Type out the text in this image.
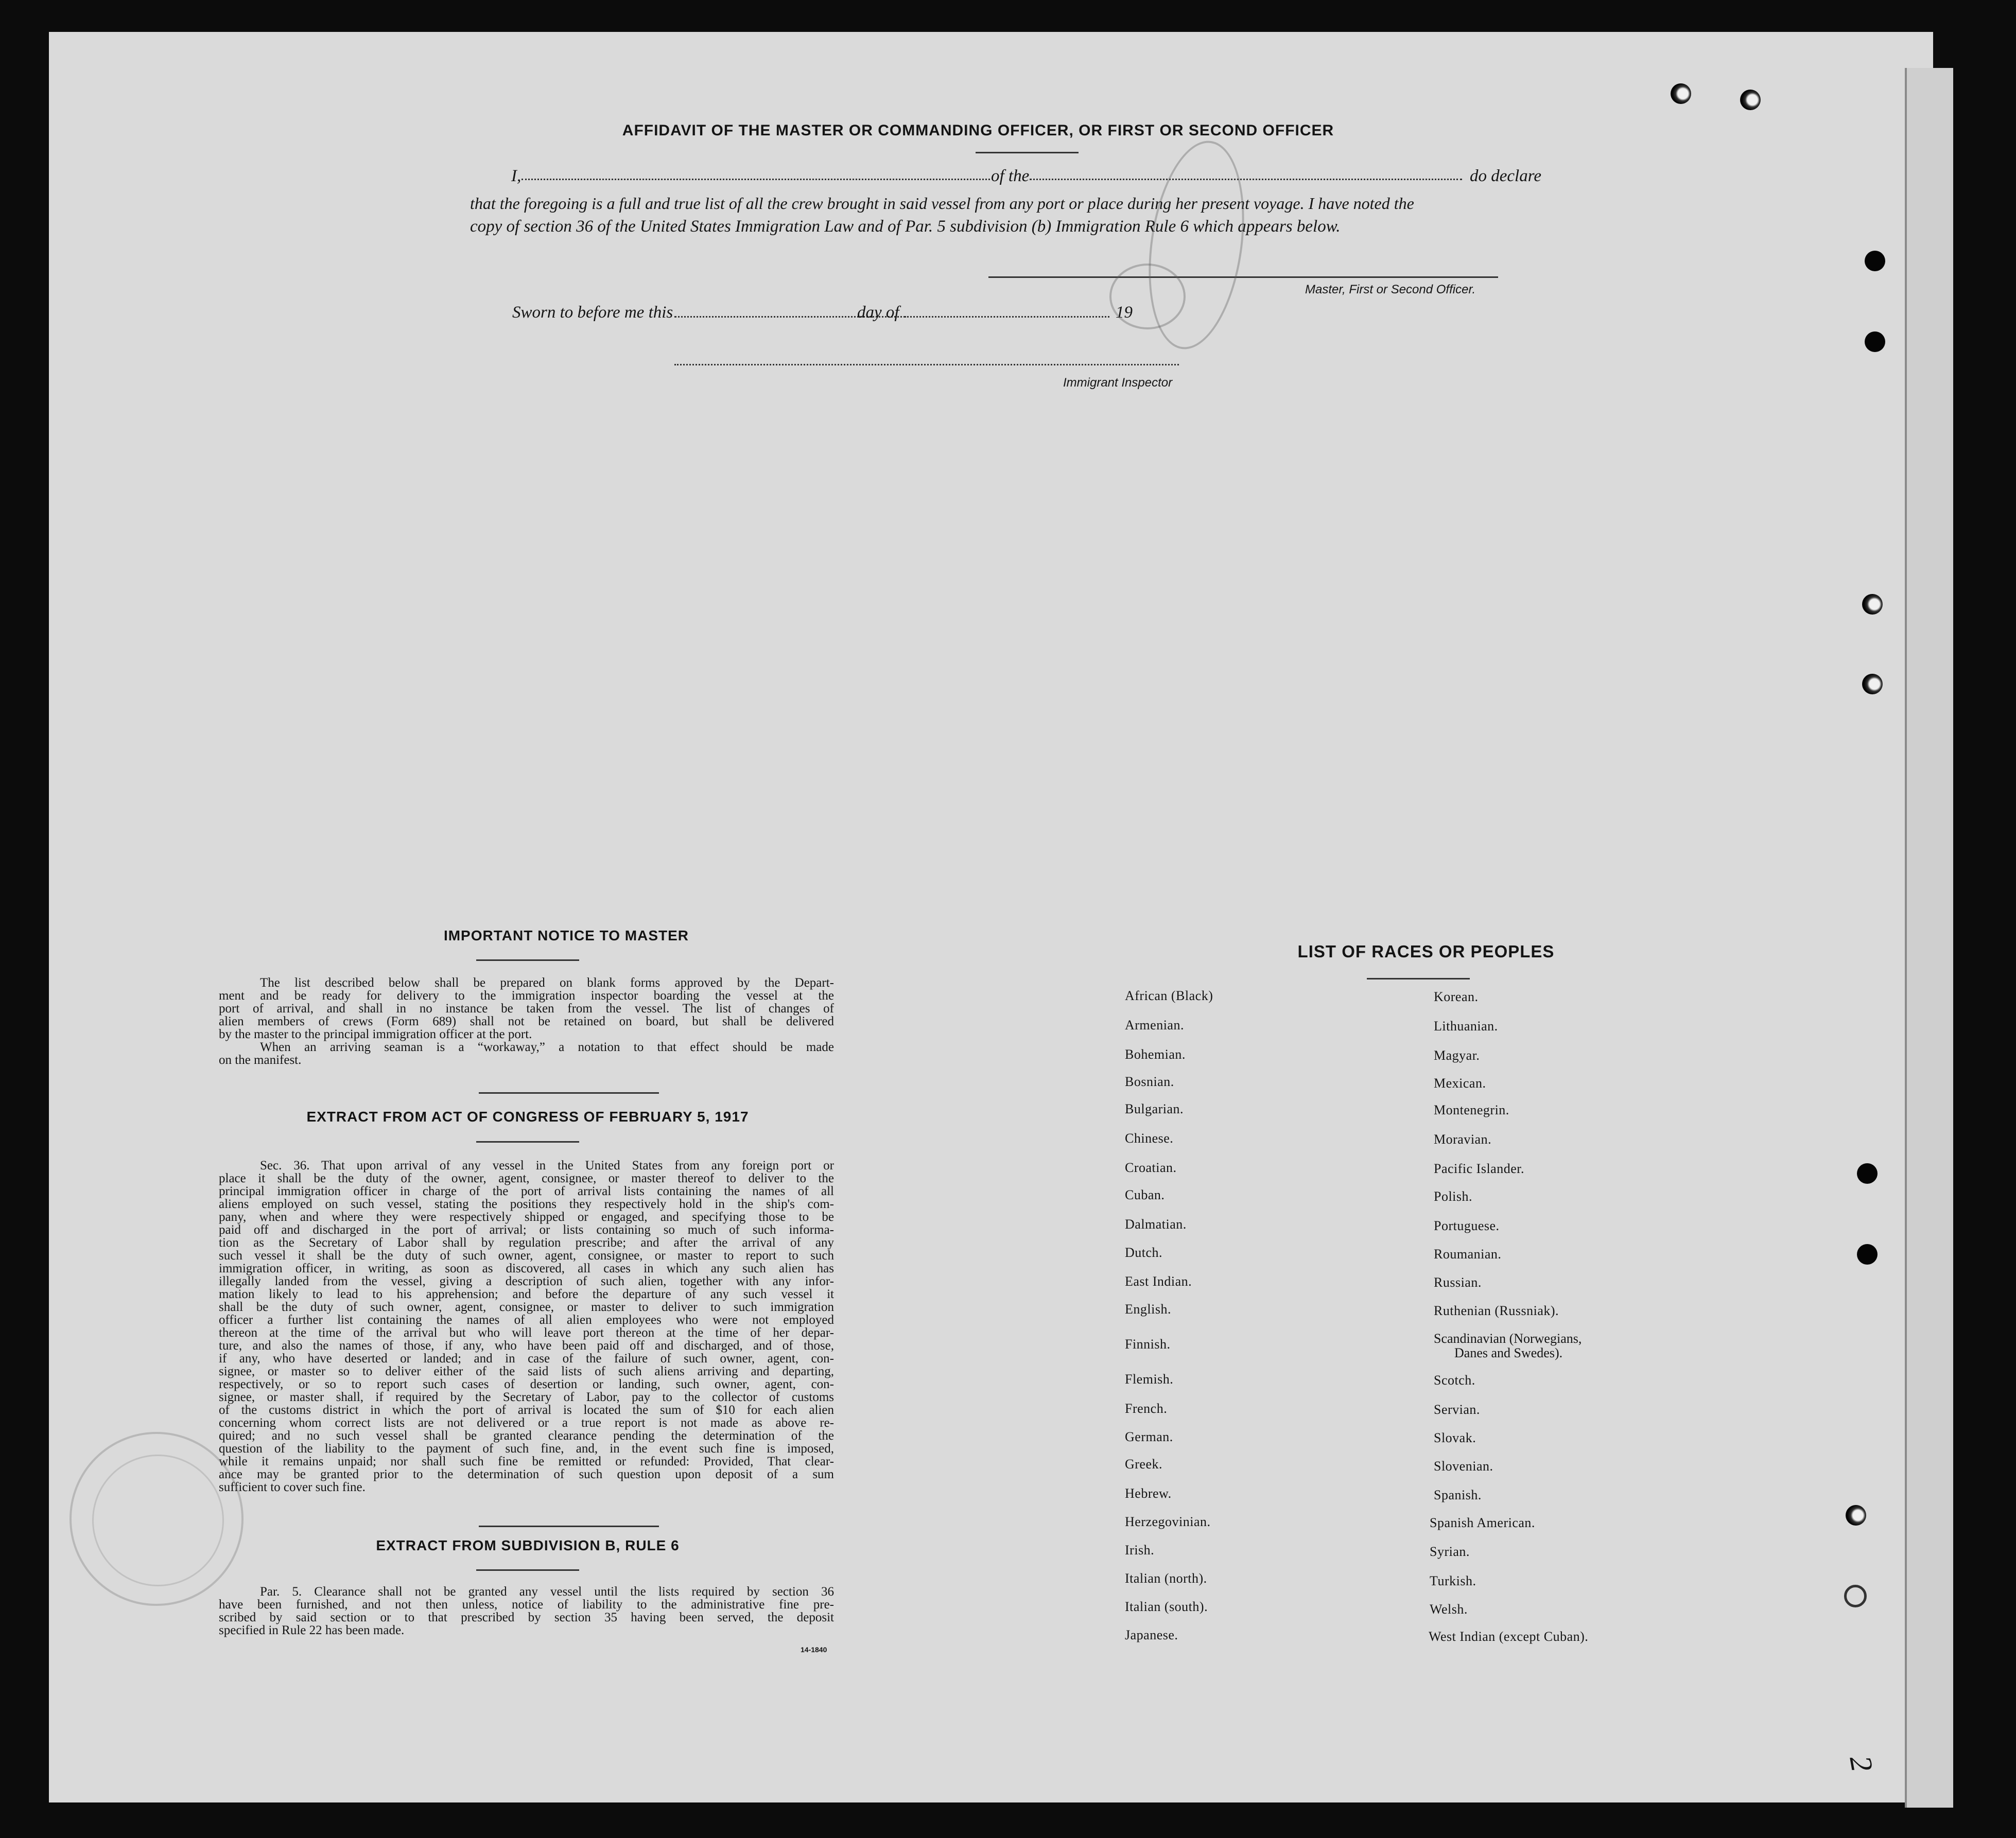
AFFIDAVIT OF THE MASTER OR COMMANDING OFFICER, OR FIRST OR SECOND OFFICER
I,	of the	do declare
that the foregoing is a full and true list of all the crew brought in said vessel from any port or place during her present voyage. I have noted the
copy of section 36 of the United States Immigration Law and of Par. 5 subdivision (b) Immigration Rule 6 which appears below.
Master, First or Second Officer.
Sworn to before me this	day of	19
Immigrant Inspector
IMPORTANT NOTICE TO MASTER

The list described below shall be prepared on blank forms approved by the Depart-

ment and be ready for delivery to the immigration inspector boarding the vessel at the
port of arrival, and shall in no instance be taken from the vessel. The list of changes of
alien members of crews (Form 689) shall not be retained on board, but shall be delivered
by the master to the principal immigration officer at the port.

When an arriving seaman is a “workaway,” a notation to that effect should be made

on the manifest.
EXTRACT FROM ACT OF CONGRESS OF FEBRUARY 5, 1917
Sec. 36. That upon arrival of any vessel in the United States from any foreign port or
place it shall be the duty of the owner, agent, consignee, or master thereof to deliver to the
principal immigration officer in charge of the port of arrival lists containing the names of all
aliens employed on such vessel, stating the positions they respectively hold in the ship's com-
pany, when and where they were respectively shipped or engaged, and specifying those to be
paid off and discharged in the port of arrival; or lists containing so much of such informa-
tion as the Secretary of Labor shall by regulation prescribe; and after the arrival of any
such vessel it shall be the duty of such owner, agent, consignee, or master to report to such
immigration officer, in writing, as soon as discovered, all cases in which any such alien has
illegally landed from the vessel, giving a description of such alien, together with any infor-
mation likely to lead to his apprehension; and before the departure of any such vessel it
shall be the duty of such owner, agent, consignee, or master to deliver to such immigration
officer a further list containing the names of all alien employees who were not employed
thereon at the time of the arrival but who will leave port thereon at the time of her depar-
ture, and also the names of those, if any, who have been paid off and discharged, and of those,
if any, who have deserted or landed; and in case of the failure of such owner, agent, con-
signee, or master so to deliver either of the said lists of such aliens arriving and departing,
respectively, or so to report such cases of desertion or landing, such owner, agent, con-
signee, or master shall, if required by the Secretary of Labor, pay to the collector of customs
of the customs district in which the port of arrival is located the sum of $10 for each alien
concerning whom correct lists are not delivered or a true report is not made as above re-
quired; and no such vessel shall be granted clearance pending the determination of the
question of the liability to the payment of such fine, and, in the event such fine is imposed,
while it remains unpaid; nor shall such fine be remitted or refunded: Provided, That clear-
ance may be granted prior to the determination of such question upon deposit of a sum
sufficient to cover such fine.
EXTRACT FROM SUBDIVISION B, RULE 6
Par. 5. Clearance shall not be granted any vessel until the lists required by section 36
have been furnished, and not then unless, notice of liability to the administrative fine pre-
scribed by said section or to that prescribed by section 35 having been served, the deposit
specified in Rule 22 has been made.
14-1840
LIST OF RACES OR PEOPLES
African (Black)
Armenian.
Bohemian.
Bosnian.
Bulgarian.
Chinese.
Croatian.
Cuban.
Dalmatian.
Dutch.
East Indian.
English.
Finnish.
Flemish.
French.
German.
Greek.
Hebrew.
Herzegovinian.
Irish.
Italian (north).
Italian (south).
Japanese.
Korean.
Lithuanian.
Magyar.
Mexican.
Montenegrin.
Moravian.
Pacific Islander.
Polish.
Portuguese.
Roumanian.
Russian.
Ruthenian (Russniak).
Scandinavian (Norwegians,
Danes and Swedes).
Scotch.
Servian.
Slovak.
Slovenian.
Spanish.
Spanish American.
Syrian.
Turkish.
Welsh.
West Indian (except Cuban).
2
